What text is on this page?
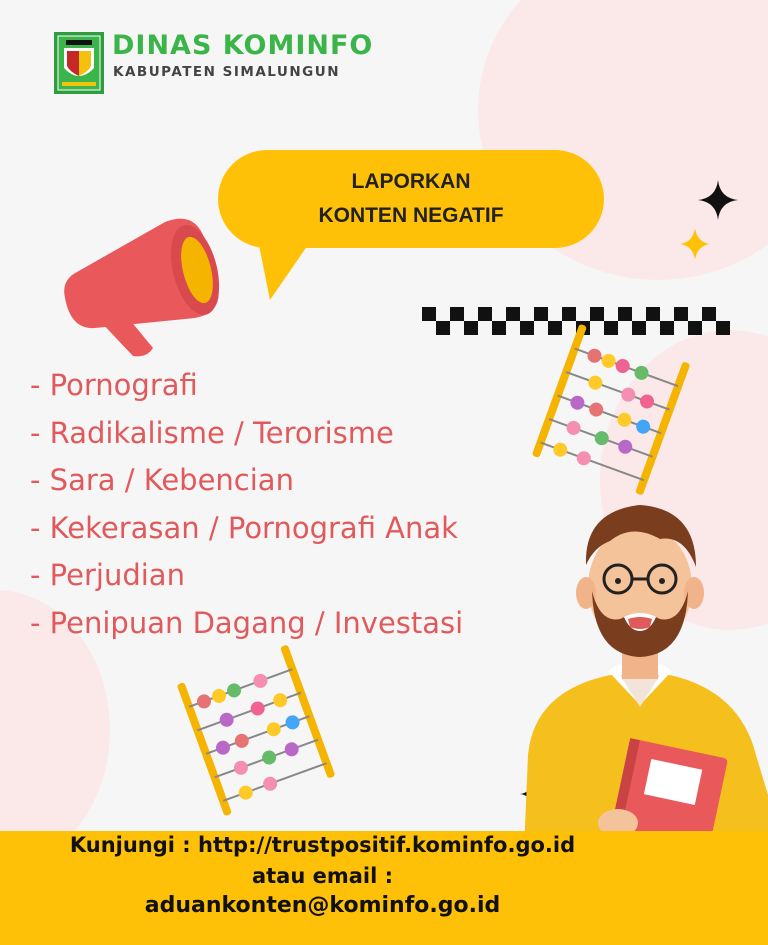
DINAS KOMINFO
KABUPATEN SIMALUNGUN
LAPORKAN
KONTEN NEGATIF
- Pornografi
- Radikalisme / Terorisme
- Sara / Kebencian
- Kekerasan / Pornografi Anak
- Perjudian
- Penipuan Dagang / Investasi
Kunjungi : http://trustpositif.kominfo.go.id
atau email :
aduankonten@kominfo.go.id
